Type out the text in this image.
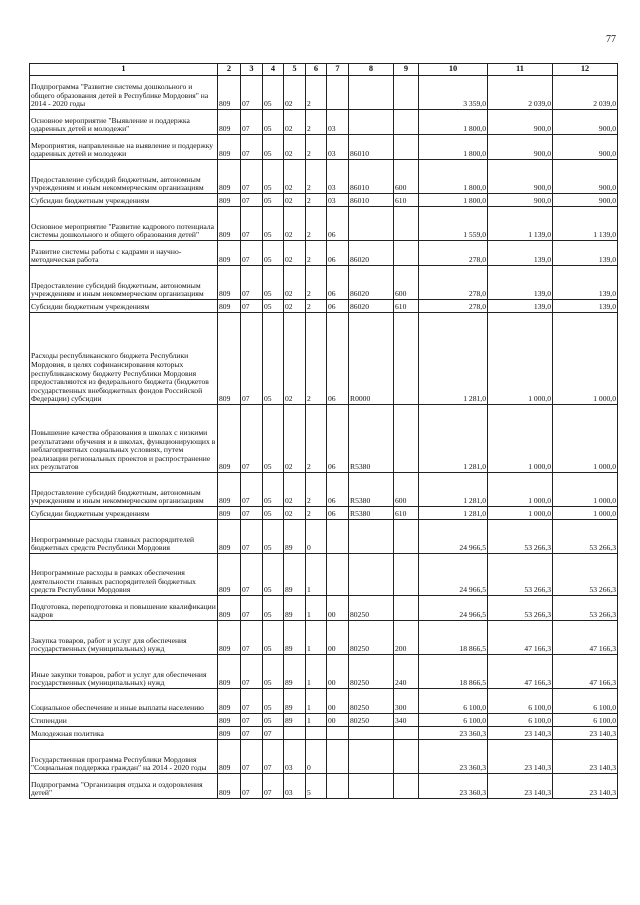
77
1	2	3	4	5	6	7	8	9	10	11	12
Подпрограмма "Развитие системы дошкольного и общего образования детей в Республике Мордовия" на 2014 - 2020 годы	809	07	05	02	2				3 359,0	2 039,0	2 039,0
Основное мероприятие "Выявление и поддержка одаренных детей и молодежи"	809	07	05	02	2	03			1 800,0	900,0	900,0
Мероприятия, направленные на выявление и поддержку одаренных детей и молодежи	809	07	05	02	2	03	86010		1 800,0	900,0	900,0
Предоставление субсидий бюджетным, автономным учреждениям и иным некоммерческим организациям	809	07	05	02	2	03	86010	600	1 800,0	900,0	900,0
Субсидии бюджетным учреждениям	809	07	05	02	2	03	86010	610	1 800,0	900,0	900,0
Основное мероприятие "Развитие кадрового потенциала системы дошкольного и общего образования детей"	809	07	05	02	2	06			1 559,0	1 139,0	1 139,0
Развитие системы работы с кадрами и научно-методическая работа	809	07	05	02	2	06	86020		278,0	139,0	139,0
Предоставление субсидий бюджетным, автономным учреждениям и иным некоммерческим организациям	809	07	05	02	2	06	86020	600	278,0	139,0	139,0
Субсидии бюджетным учреждениям	809	07	05	02	2	06	86020	610	278,0	139,0	139,0
Расходы республиканского бюджета Республики Мордовия, в целях софинансирования которых республиканскому бюджету Республики Мордовия предоставляются из федерального бюджета (бюджетов государственных внебюджетных фондов Российской Федерации) субсидии	809	07	05	02	2	06	R0000		1 281,0	1 000,0	1 000,0
Повышение качества образования в школах с низкими результатами обучения и в школах, функционирующих в неблагоприятных социальных условиях, путем реализации региональных проектов и распространение их результатов	809	07	05	02	2	06	R5380		1 281,0	1 000,0	1 000,0
Предоставление субсидий бюджетным, автономным учреждениям и иным некоммерческим организациям	809	07	05	02	2	06	R5380	600	1 281,0	1 000,0	1 000,0
Субсидии бюджетным учреждениям	809	07	05	02	2	06	R5380	610	1 281,0	1 000,0	1 000,0
Непрограммные расходы главных распорядителей бюджетных средств Республики Мордовия	809	07	05	89	0				24 966,5	53 266,3	53 266,3
Непрограммные расходы в рамках обеспечения деятельности главных распорядителей бюджетных средств Республики Мордовия	809	07	05	89	1				24 966,5	53 266,3	53 266,3
Подготовка, переподготовка и повышение квалификации кадров	809	07	05	89	1	00	80250		24 966,5	53 266,3	53 266,3
Закупка товаров, работ и услуг для обеспечения государственных (муниципальных) нужд	809	07	05	89	1	00	80250	200	18 866,5	47 166,3	47 166,3
Иные закупки товаров, работ и услуг для обеспечения государственных (муниципальных) нужд	809	07	05	89	1	00	80250	240	18 866,5	47 166,3	47 166,3
Социальное обеспечение и иные выплаты населению	809	07	05	89	1	00	80250	300	6 100,0	6 100,0	6 100,0
Стипендии	809	07	05	89	1	00	80250	340	6 100,0	6 100,0	6 100,0
Молодежная политика	809	07	07						23 360,3	23 140,3	23 140,3
Государственная программа Республики Мордовия "Социальная поддержка граждан" на 2014 - 2020 годы	809	07	07	03	0				23 360,3	23 140,3	23 140,3
Подпрограмма "Организация отдыха и оздоровления детей"	809	07	07	03	5				23 360,3	23 140,3	23 140,3
